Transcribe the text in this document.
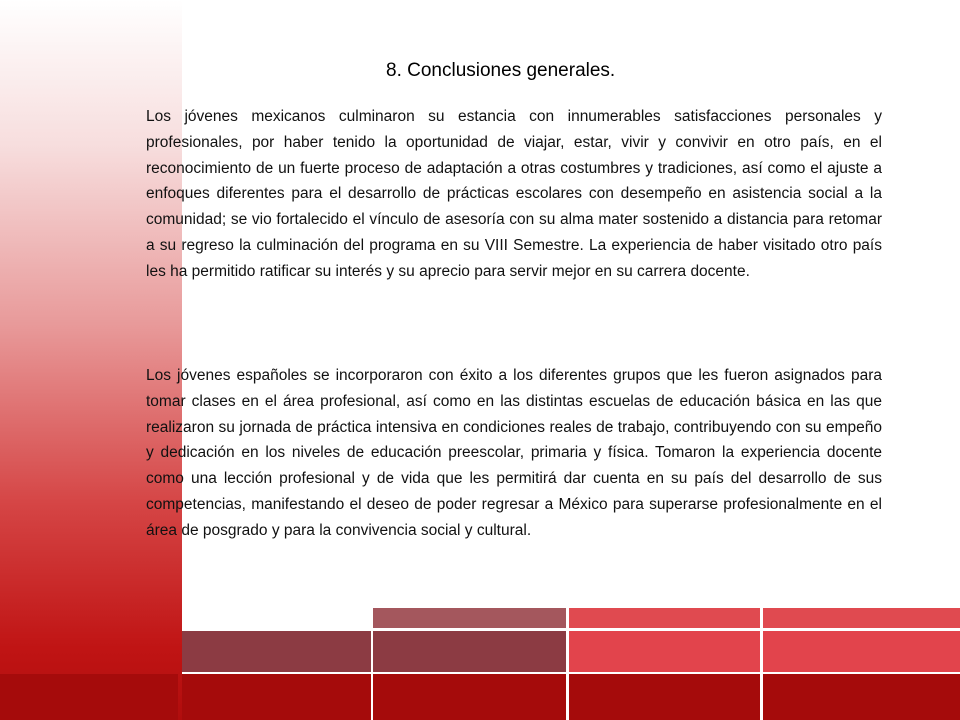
8. Conclusiones generales.

Los jóvenes mexicanos culminaron su estancia con innumerables satisfacciones personales y profesionales, por haber tenido la oportunidad de viajar, estar, vivir y convivir en otro país, en el reconocimiento de un fuerte proceso de adaptación a otras costumbres y tradiciones, así como el ajuste a enfoques diferentes para el desarrollo de prácticas escolares con desempeño en asistencia social a la comunidad; se vio fortalecido el vínculo de asesoría con su alma mater sostenido a distancia para retomar a su regreso la culminación del programa en su VIII Semestre. La experiencia de haber visitado otro país les ha permitido ratificar su interés y su aprecio para servir mejor en su carrera docente.

Los jóvenes españoles se incorporaron con éxito a los diferentes grupos que les fueron asignados para tomar clases en el área profesional, así como en las distintas escuelas de educación básica en las que realizaron su jornada de práctica intensiva en condiciones reales de trabajo, contribuyendo con su empeño y dedicación en los niveles de educación preescolar, primaria y física. Tomaron la experiencia docente como una lección profesional y de vida que les permitirá dar cuenta en su país del desarrollo de sus competencias, manifestando el deseo de poder regresar a México para superarse profesionalmente en el área de posgrado y para la convivencia social y cultural.
